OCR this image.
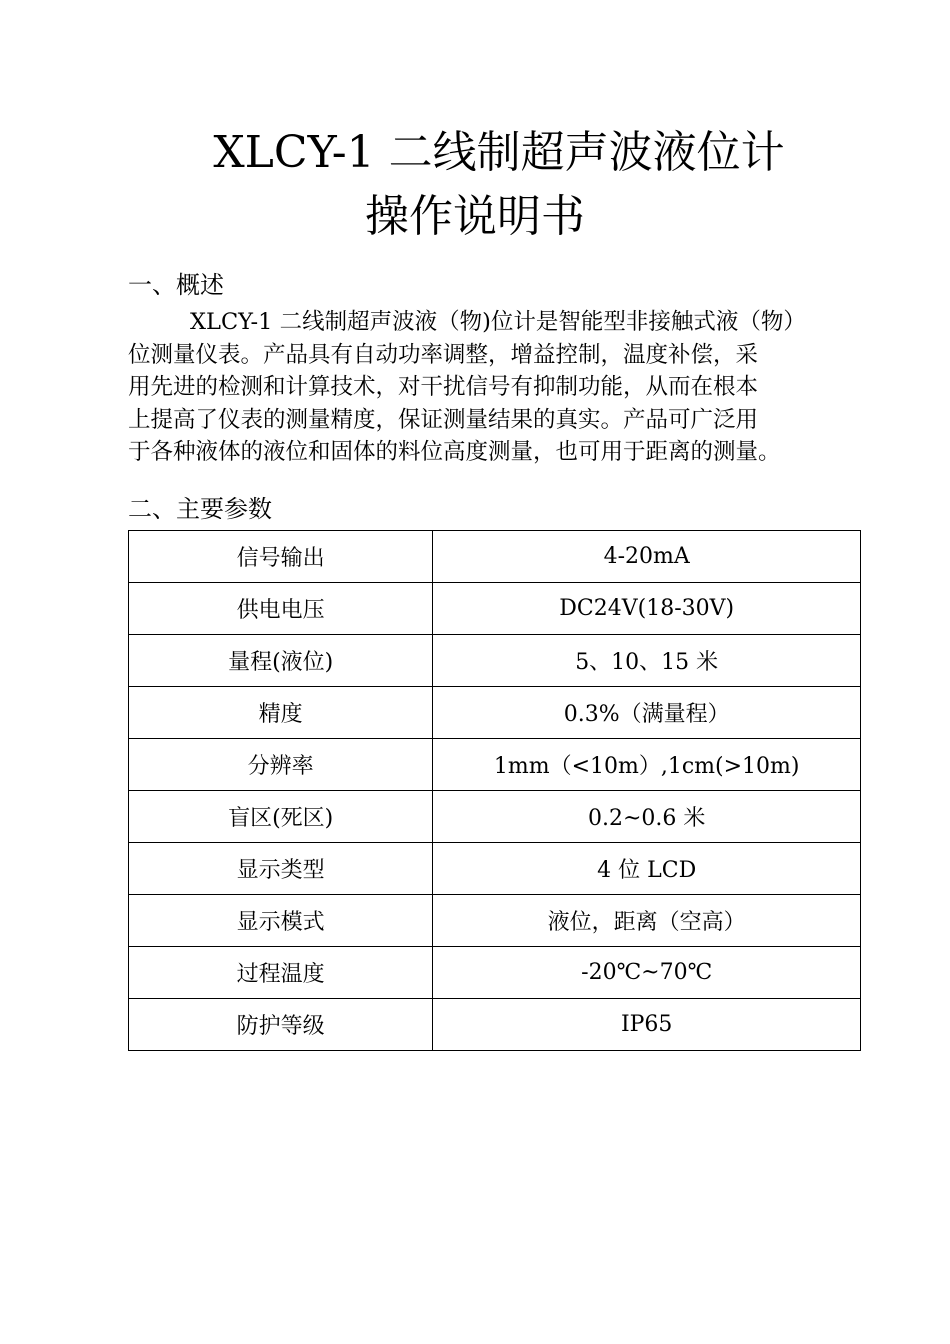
XLCY-1 二线制超声波液位计
操作说明书
一、概述
XLCY-1 二线制超声波液（物)位计是智能型非接触式液（物）
位测量仪表。产品具有自动功率调整，增益控制，温度补偿，采
用先进的检测和计算技术，对干扰信号有抑制功能，从而在根本
上提高了仪表的测量精度，保证测量结果的真实。产品可广泛用
于各种液体的液位和固体的料位高度测量，也可用于距离的测量。
二、主要参数
信号输出	4-20mA
供电电压	DC24V(18-30V)
量程(液位)	5、10、15 米
精度	0.3%（满量程）
分辨率	1mm（<10m）,1cm(>10m)
盲区(死区)	0.2~0.6 米
显示类型	4 位 LCD
显示模式	液位，距离（空高）
过程温度	-20℃~70℃
防护等级	IP65
